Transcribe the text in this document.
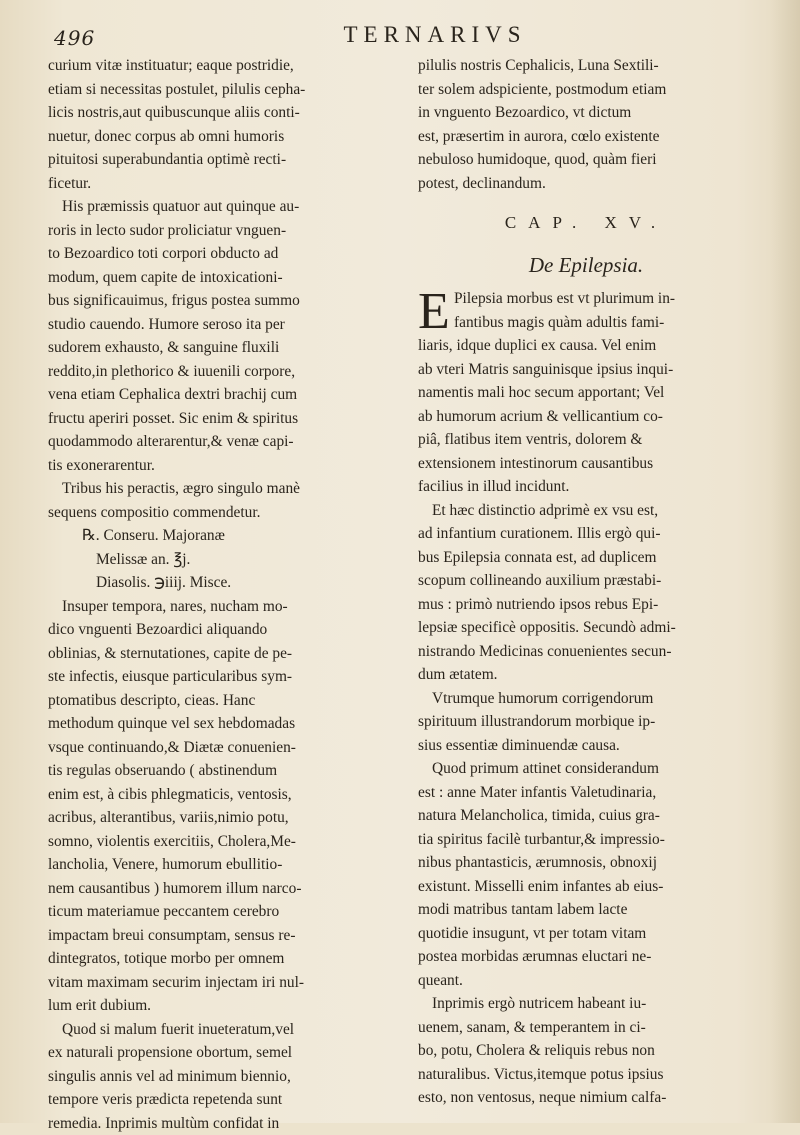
496	TERNARIVS
curium vitæ instituatur; eaque postridie,
etiam si necessitas postulet, pilulis cepha-
licis nostris,aut quibuscunque aliis conti-
nuetur, donec corpus ab omni humoris
pituitosi superabundantia optimè recti-
ficetur.
His præmissis quatuor aut quinque au-
roris in lecto sudor proliciatur vnguen-
to Bezoardico toti corpori obducto ad
modum, quem capite de intoxicationi-
bus significauimus, frigus postea summo
studio cauendo. Humore seroso ita per
sudorem exhausto, & sanguine fluxili
reddito,in plethorico & iuuenili corpore,
vena etiam Cephalica dextri brachij cum
fructu aperiri posset. Sic enim & spiritus
quodammodo alterarentur,& venæ capi-
tis exonerarentur.
Tribus his peractis, ægro singulo manè
sequens compositio commendetur.
℞. Conseru. Majoranæ
Melissæ an. ℥j.
Diasolis. ℈iiij. Misce.
Insuper tempora, nares, nucham mo-
dico vnguenti Bezoardici aliquando
oblinias, & sternutationes, capite de pe-
ste infectis, eiusque particularibus sym-
ptomatibus descripto, cieas. Hanc
methodum quinque vel sex hebdomadas
vsque continuando,& Diætæ conuenien-
tis regulas obseruando ( abstinendum
enim est, à cibis phlegmaticis, ventosis,
acribus, alterantibus, variis,nimio potu,
somno, violentis exercitiis, Cholera,Me-
lancholia, Venere, humorum ebullitio-
nem causantibus ) humorem illum narco-
ticum materiamue peccantem cerebro
impactam breui consumptam, sensus re-
dintegratos, totique morbo per omnem
vitam maximam securim injectam iri nul-
lum erit dubium.
Quod si malum fuerit inueteratum,vel
ex naturali propensione obortum, semel
singulis annis vel ad minimum biennio,
tempore veris prædicta repetenda sunt
remedia. Inprimis multùm confidat in
pilulis nostris Cephalicis, Luna Sextili-
ter solem adspiciente, postmodum etiam
in vnguento Bezoardico, vt dictum
est, præsertim in aurora, cœlo existente
nebuloso humidoque, quod, quàm fieri
potest, declinandum.
CAP. XV.
De Epilepsia.
E Pilepsia morbus est vt plurimum in-
fantibus magis quàm adultis fami-
liaris, idque duplici ex causa. Vel enim
ab vteri Matris sanguinisque ipsius inqui-
namentis mali hoc secum apportant; Vel
ab humorum acrium & vellicantium co-
piâ, flatibus item ventris, dolorem &
extensionem intestinorum causantibus
facilius in illud incidunt.
Et hæc distinctio adprimè ex vsu est,
ad infantium curationem. Illis ergò qui-
bus Epilepsia connata est, ad duplicem
scopum collineando auxilium præstabi-
mus : primò nutriendo ipsos rebus Epi-
lepsiæ specificè oppositis. Secundò admi-
nistrando Medicinas conuenientes secun-
dum ætatem.
Vtrumque humorum corrigendorum
spirituum illustrandorum morbique ip-
sius essentiæ diminuendæ causa.
Quod primum attinet considerandum
est : anne Mater infantis Valetudinaria,
natura Melancholica, timida, cuius gra-
tia spiritus facilè turbantur,& impressio-
nibus phantasticis, ærumnosis, obnoxij
existunt. Misselli enim infantes ab eius-
modi matribus tantam labem lacte
quotidie insugunt, vt per totam vitam
postea morbidas ærumnas eluctari ne-
queant.
Inprimis ergò nutricem habeant iu-
uenem, sanam, & temperantem in ci-
bo, potu, Cholera & reliquis rebus non
naturalibus. Victus,itemque potus ipsius
esto, non ventosus, neque nimium calfa-
